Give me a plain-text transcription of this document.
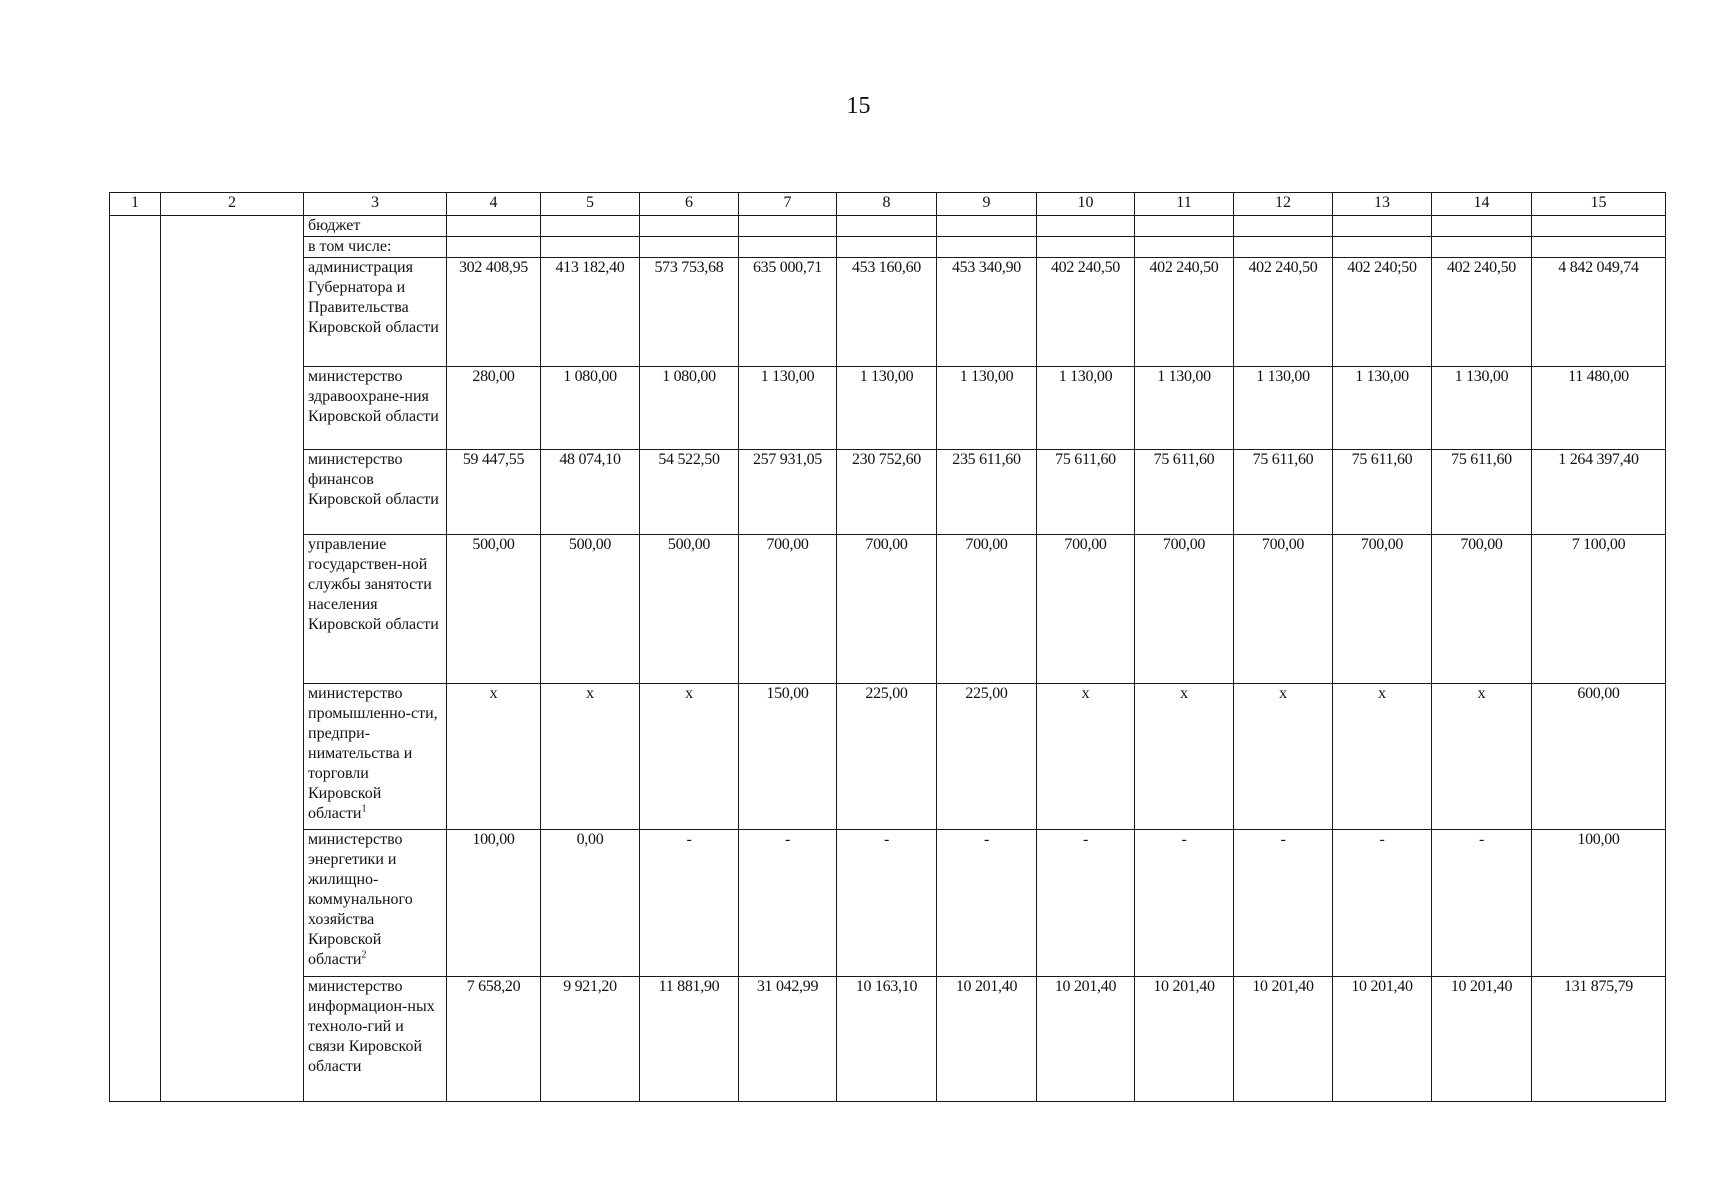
15
1	2	3	4	5	6	7	8	9	10	11	12	13	14	15
		бюджет												
		в том числе:												
		администрация Губернатора и Правительства Кировской области	302 408,95	413 182,40	573 753,68	635 000,71	453 160,60	453 340,90	402 240,50	402 240,50	402 240,50	402 240;50	402 240,50	4 842 049,74
		министерство здравоохране-ния Кировской области	280,00	1 080,00	1 080,00	1 130,00	1 130,00	1 130,00	1 130,00	1 130,00	1 130,00	1 130,00	1 130,00	11 480,00
		министерство финансов Кировской области	59 447,55	48 074,10	54 522,50	257 931,05	230 752,60	235 611,60	75 611,60	75 611,60	75 611,60	75 611,60	75 611,60	1 264 397,40
		управление государствен-ной службы занятости населения Кировской области	500,00	500,00	500,00	700,00	700,00	700,00	700,00	700,00	700,00	700,00	700,00	7 100,00
		министерство промышленно-сти, предпри-нимательства и торговли Кировской области$^1$	х	х	х	150,00	225,00	225,00	х	х	х	х	х	600,00
		министерство энергетики и жилищно-коммунального хозяйства Кировской области$^2$	100,00	0,00	-	-	-	-	-	-	-	-	-	100,00
		министерство информацион-ных техноло-гий и связи Кировской области	7 658,20	9 921,20	11 881,90	31 042,99	10 163,10	10 201,40	10 201,40	10 201,40	10 201,40	10 201,40	10 201,40	131 875,79
